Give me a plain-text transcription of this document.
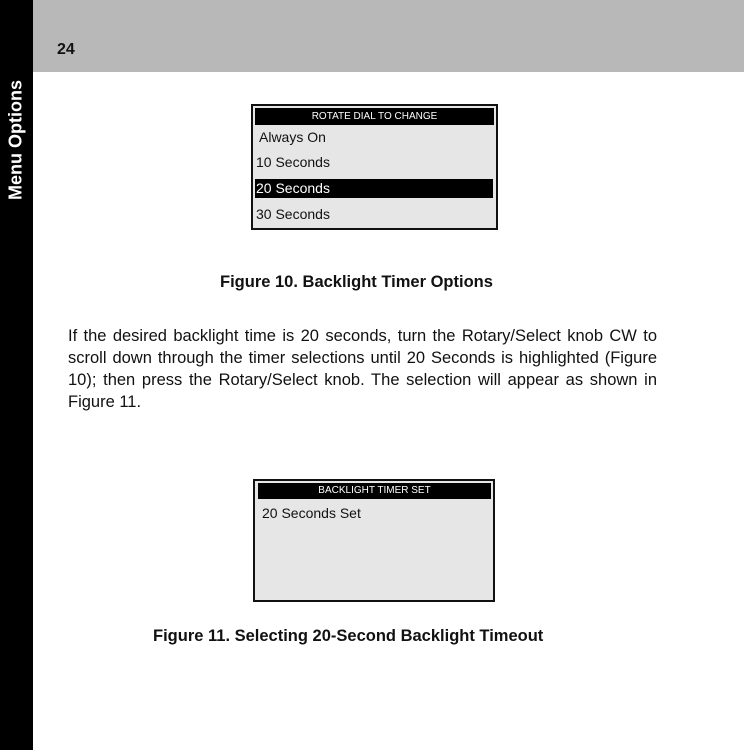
Menu Options
24
ROTATE DIAL TO CHANGE
Always On
10 Seconds
20 Seconds
30 Seconds
Figure 10. Backlight Timer Options
If the desired backlight time is 20 seconds, turn the Rotary/Select knob CW to scroll down through the timer selections until 20 Seconds is highlighted (Figure 10); then press the Rotary/Select knob. The selection will appear as shown in Figure 11.
BACKLIGHT TIMER SET
20 Seconds Set
Figure 11. Selecting 20-Second Backlight Timeout
